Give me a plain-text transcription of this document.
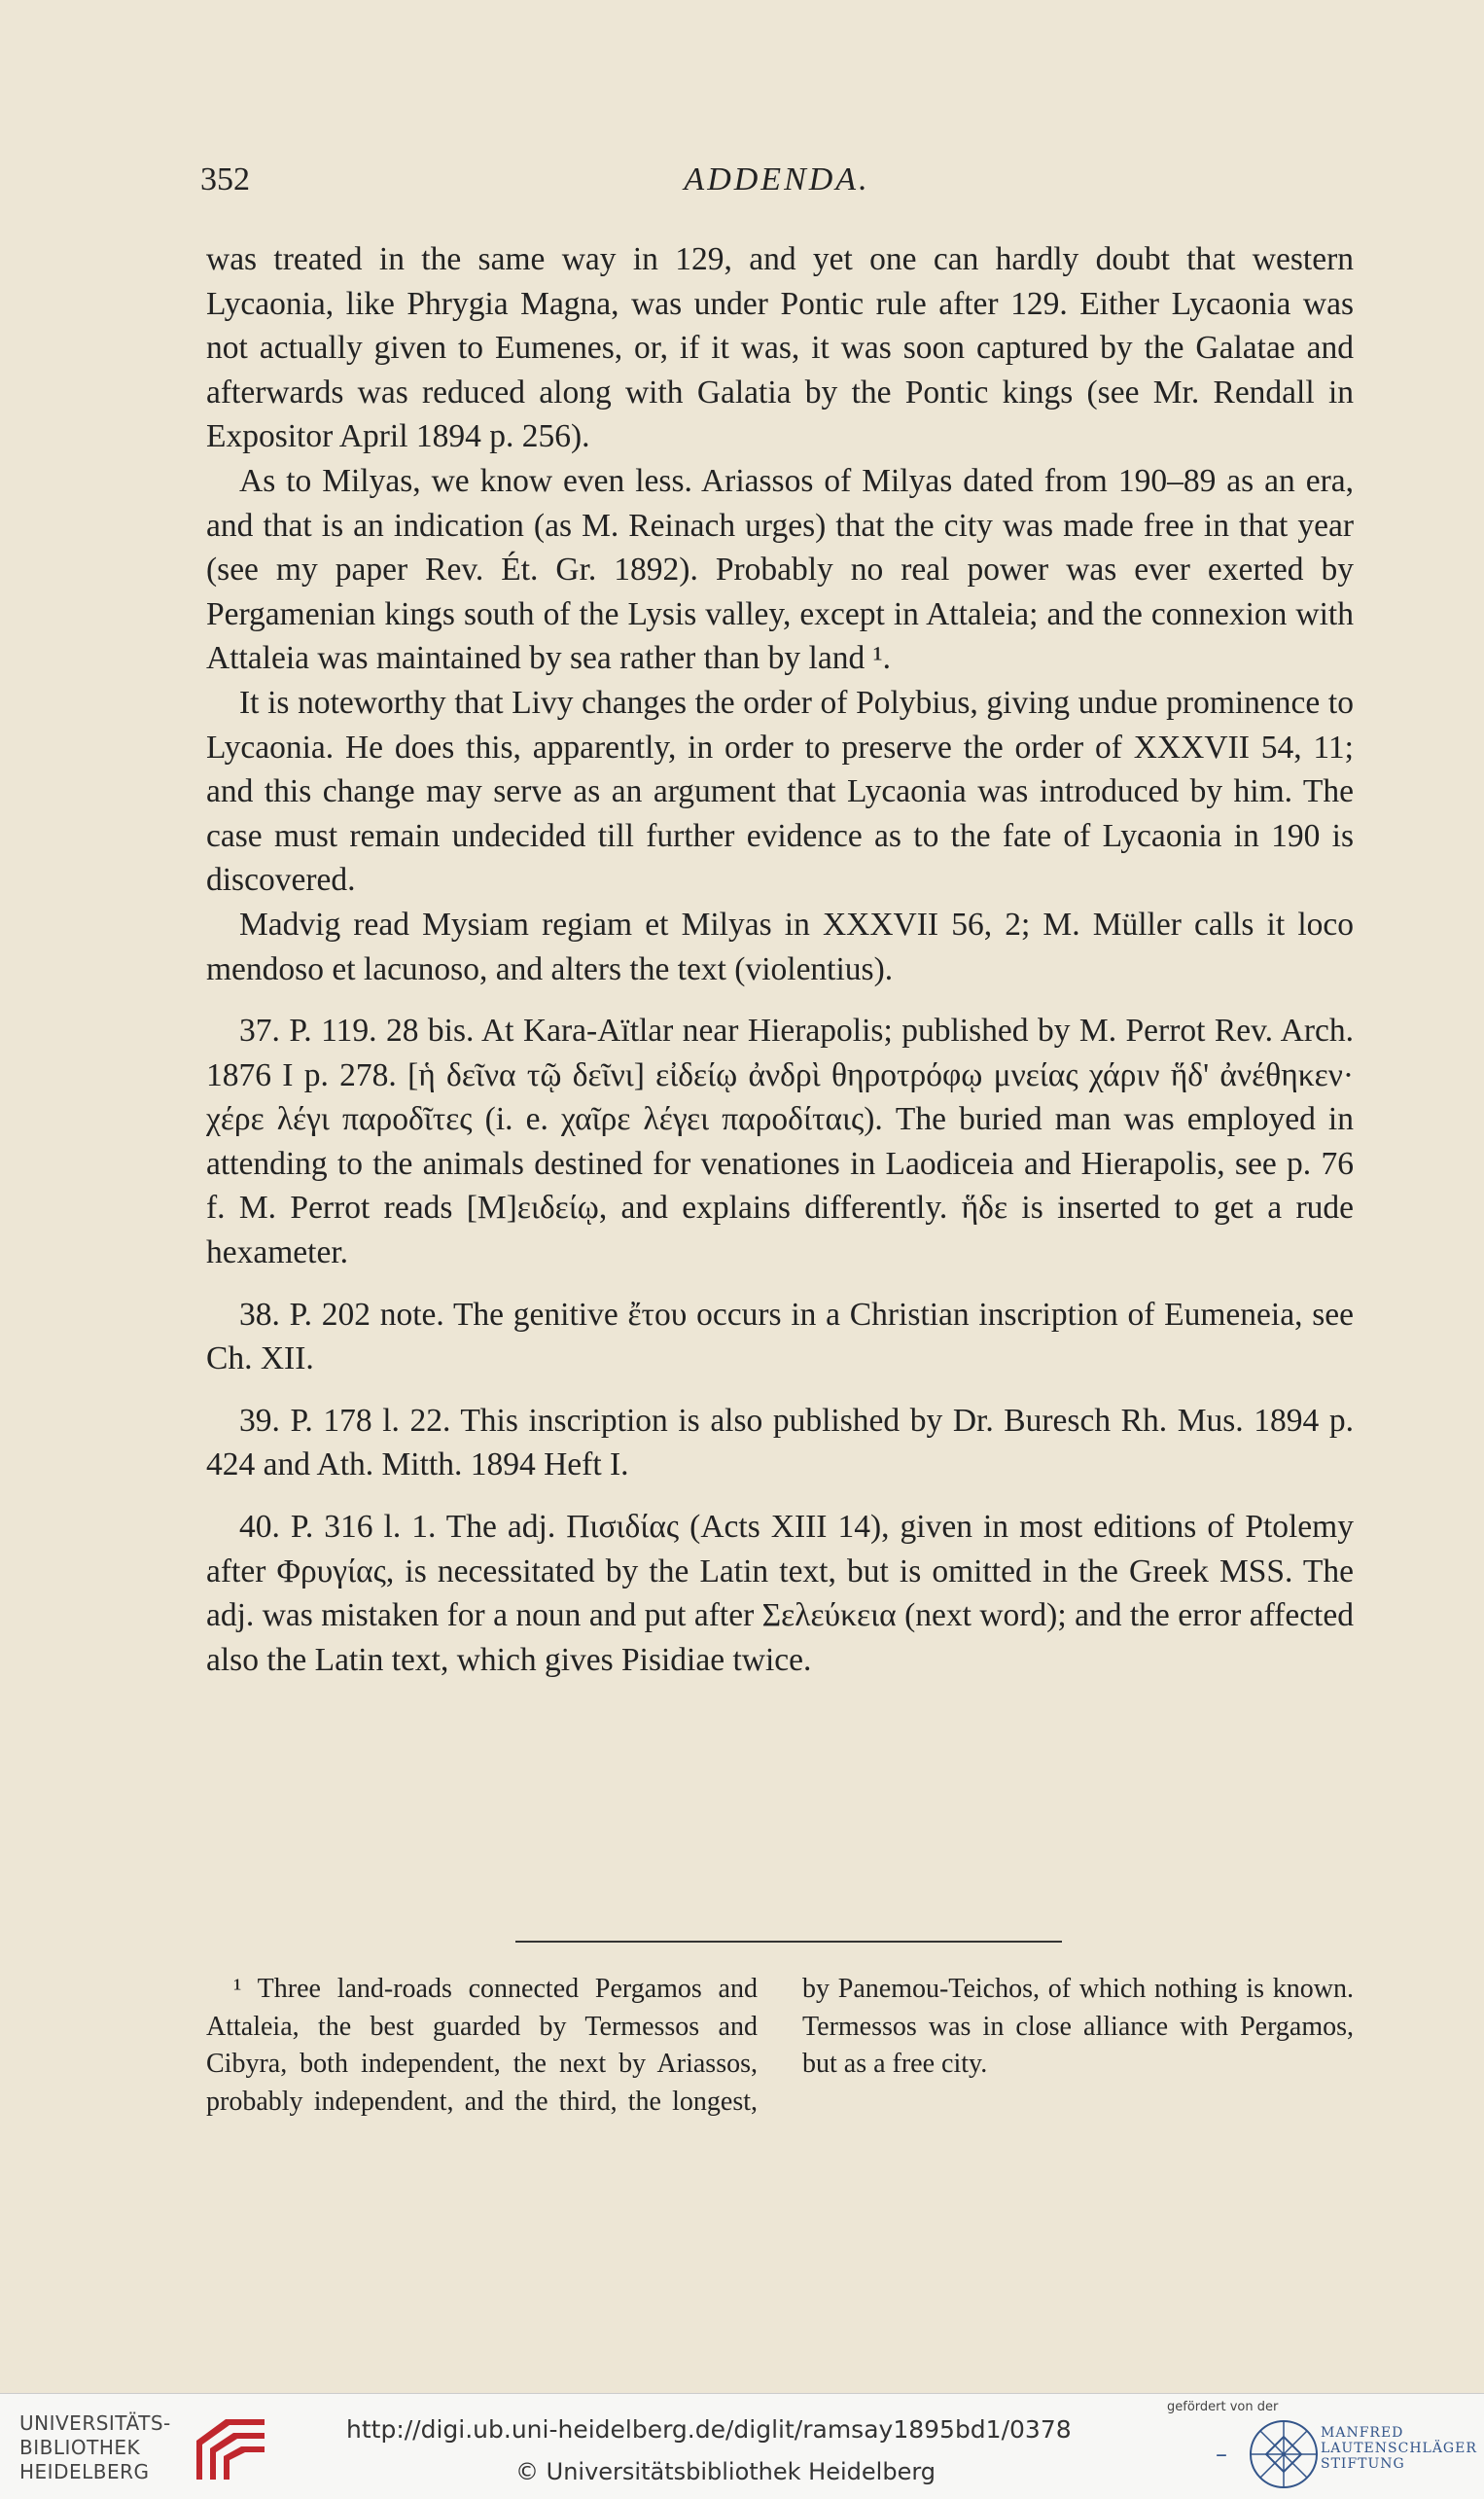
352	ADDENDA.

was treated in the same way in 129, and yet one can hardly doubt that western Lycaonia, like Phrygia Magna, was under Pontic rule after 129. Either Lycaonia was not actually given to Eumenes, or, if it was, it was soon captured by the Galatae and afterwards was reduced along with Galatia by the Pontic kings (see Mr. Rendall in Expositor April 1894 p. 256).

As to Milyas, we know even less. Ariassos of Milyas dated from 190–89 as an era, and that is an indication (as M. Reinach urges) that the city was made free in that year (see my paper Rev. Ét. Gr. 1892). Probably no real power was ever exerted by Pergamenian kings south of the Lysis valley, except in Attaleia; and the connexion with Attaleia was maintained by sea rather than by land ¹.

It is noteworthy that Livy changes the order of Polybius, giving undue prominence to Lycaonia. He does this, apparently, in order to preserve the order of XXXVII 54, 11; and this change may serve as an argument that Lycaonia was introduced by him. The case must remain undecided till further evidence as to the fate of Lycaonia in 190 is discovered.

Madvig read Mysiam regiam et Milyas in XXXVII 56, 2; M. Müller calls it loco mendoso et lacunoso, and alters the text (violentius).

37. P. 119. 28 bis. At Kara-Aïtlar near Hierapolis; published by M. Perrot Rev. Arch. 1876 I p. 278. [ἡ δεῖνα τῷ δεῖνι] εἰδείῳ ἀνδρὶ θηροτρόφῳ μνείας χάριν ἥδ' ἀνέθηκεν· χέρε λέγι παροδῖτες (i. e. χαῖρε λέγει παροδίταις). The buried man was employed in attending to the animals destined for venationes in Laodiceia and Hierapolis, see p. 76 f. M. Perrot reads [Μ]ειδείῳ, and explains differently. ἥδε is inserted to get a rude hexameter.

38. P. 202 note. The genitive ἔτου occurs in a Christian inscription of Eumeneia, see Ch. XII.

39. P. 178 l. 22. This inscription is also published by Dr. Buresch Rh. Mus. 1894 p. 424 and Ath. Mitth. 1894 Heft I.

40. P. 316 l. 1. The adj. Πισιδίας (Acts XIII 14), given in most editions of Ptolemy after Φρυγίας, is necessitated by the Latin text, but is omitted in the Greek MSS. The adj. was mistaken for a noun and put after Σελεύκεια (next word); and the error affected also the Latin text, which gives Pisidiae twice.

¹ Three land-roads connected Pergamos and Attaleia, the best guarded by Termessos and Cibyra, both independent, the next by Ariassos, probably independent, and the third, the longest, by Panemou-Teichos, of which nothing is known. Termessos was in close alliance with Pergamos, but as a free city.

UNIVERSITÄTS-
BIBLIOTHEK
HEIDELBERG
http://digi.ub.uni-heidelberg.de/diglit/ramsay1895bd1/0378
© Universitätsbibliothek Heidelberg
gefördert von der
–
MANFRED
LAUTENSCHLÄGER
STIFTUNG
